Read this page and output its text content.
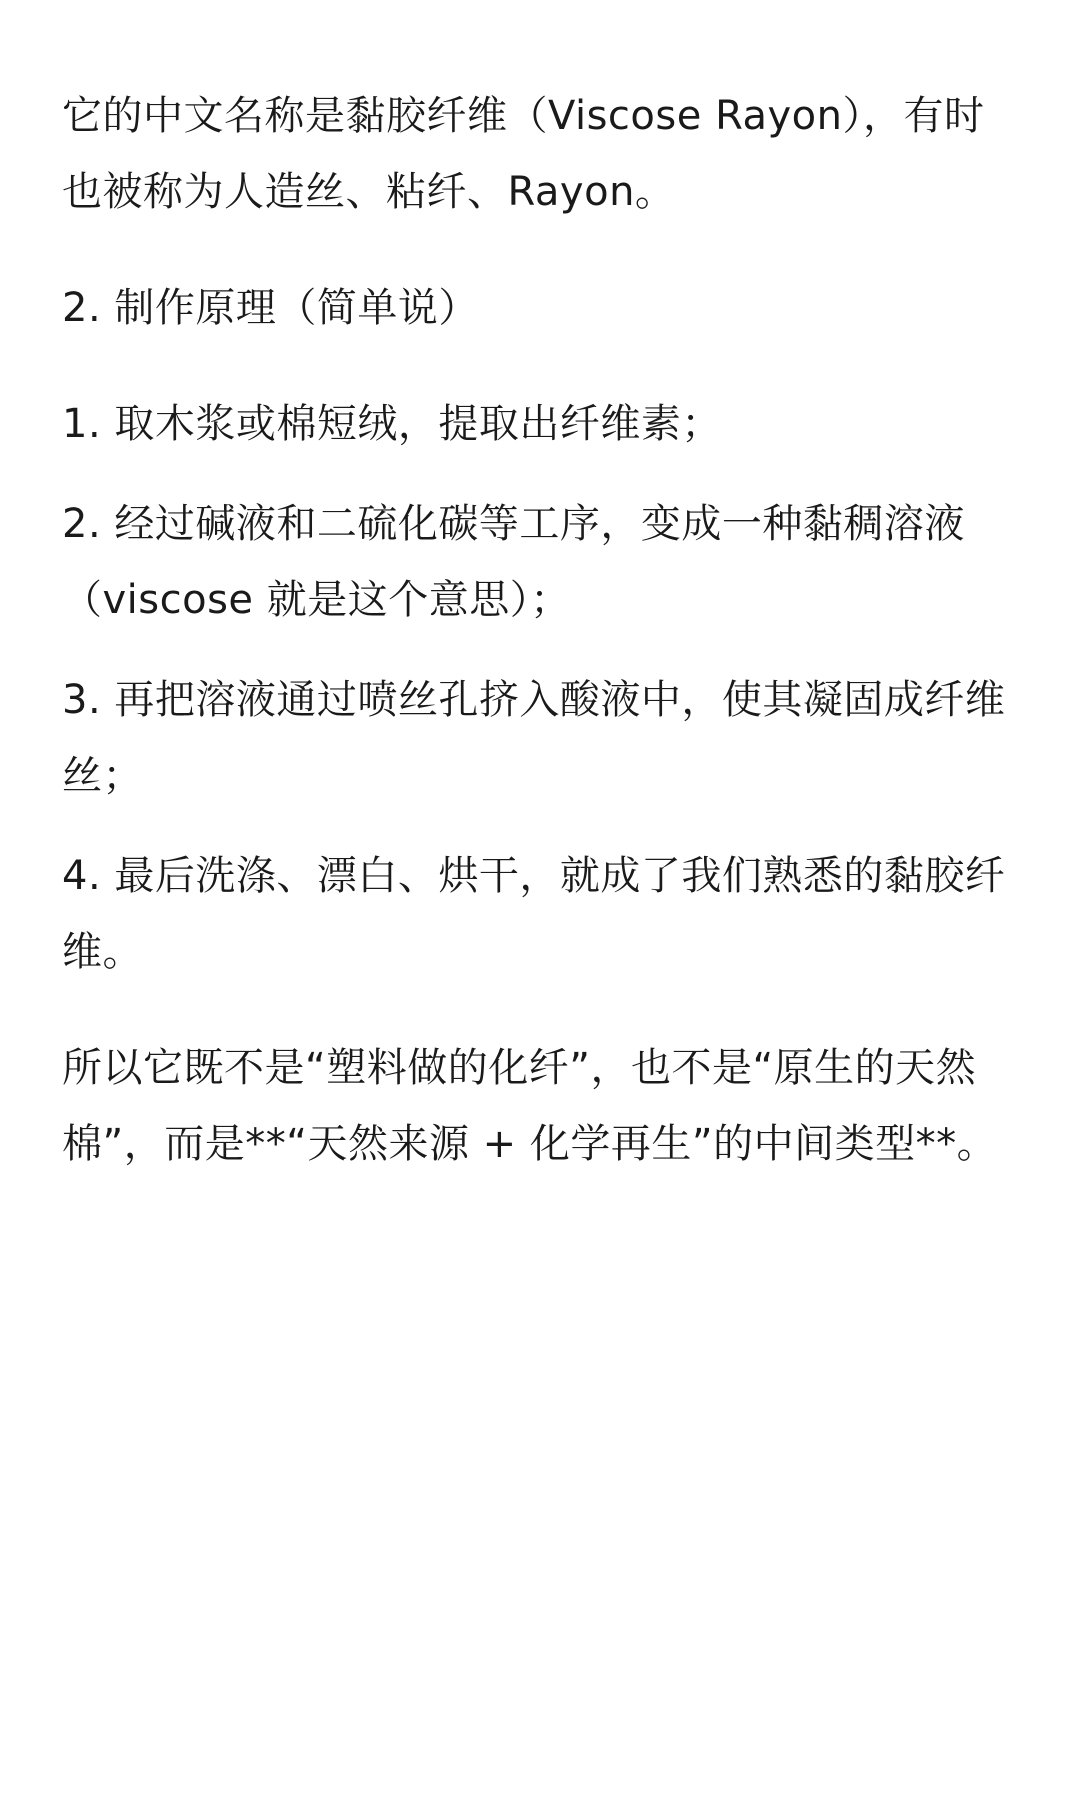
它的中文名称是黏胶纤维（Viscose Rayon），有时也被称为人造丝、粘纤、Rayon。

2. 制作原理（简单说）

1. 取木浆或棉短绒，提取出纤维素；

2. 经过碱液和二硫化碳等工序，变成一种黏稠溶液（viscose 就是这个意思）；

3. 再把溶液通过喷丝孔挤入酸液中，使其凝固成纤维丝；

4. 最后洗涤、漂白、烘干，就成了我们熟悉的黏胶纤维。

所以它既不是“塑料做的化纤”，也不是“原生的天然棉”，而是**“天然来源 + 化学再生”的中间类型**。
